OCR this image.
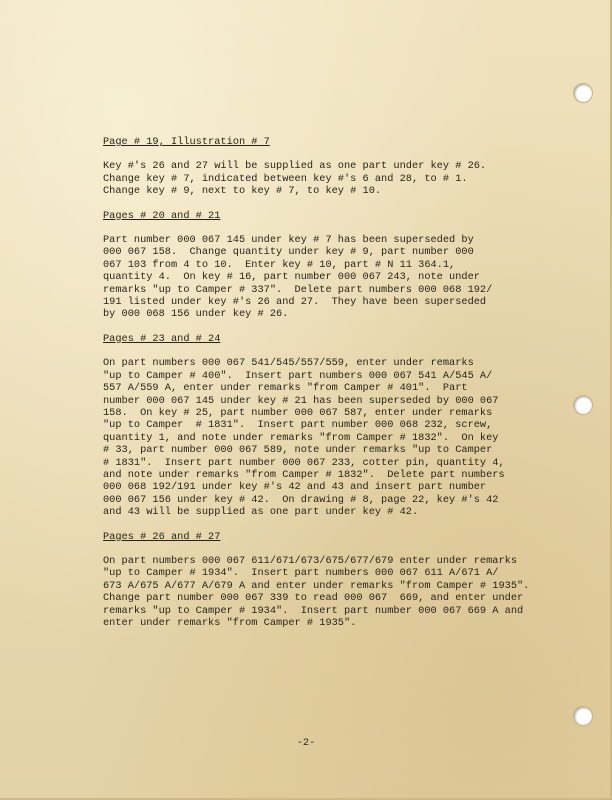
Page # 19, Illustration # 7

Key #'s 26 and 27 will be supplied as one part under key # 26.
Change key # 7, indicated between key #'s 6 and 28, to # 1.
Change key # 9, next to key # 7, to key # 10.

Pages # 20 and # 21

Part number 000 067 145 under key # 7 has been superseded by
000 067 158.  Change quantity under key # 9, part number 000
067 103 from 4 to 10.  Enter key # 10, part # N 11 364.1,
quantity 4.  On key # 16, part number 000 067 243, note under
remarks "up to Camper # 337".  Delete part numbers 000 068 192/
191 listed under key #'s 26 and 27.  They have been superseded
by 000 068 156 under key # 26.

Pages # 23 and # 24

On part numbers 000 067 541/545/557/559, enter under remarks
"up to Camper # 400".  Insert part numbers 000 067 541 A/545 A/
557 A/559 A, enter under remarks "from Camper # 401".  Part
number 000 067 145 under key # 21 has been superseded by 000 067
158.  On key # 25, part number 000 067 587, enter under remarks
"up to Camper  # 1831".  Insert part number 000 068 232, screw,
quantity 1, and note under remarks "from Camper # 1832".  On key
# 33, part number 000 067 589, note under remarks "up to Camper
# 1831".  Insert part number 000 067 233, cotter pin, quantity 4,
and note under remarks "from Camper # 1832".  Delete part numbers
000 068 192/191 under key #'s 42 and 43 and insert part number
000 067 156 under key # 42.  On drawing # 8, page 22, key #'s 42
and 43 will be supplied as one part under key # 42.

Pages # 26 and # 27

On part numbers 000 067 611/671/673/675/677/679 enter under remarks
"up to Camper # 1934".  Insert part numbers 000 067 611 A/671 A/
673 A/675 A/677 A/679 A and enter under remarks "from Camper # 1935".
Change part number 000 067 339 to read 000 067  669, and enter under
remarks "up to Camper # 1934".  Insert part number 000 067 669 A and
enter under remarks "from Camper # 1935".

-2-
